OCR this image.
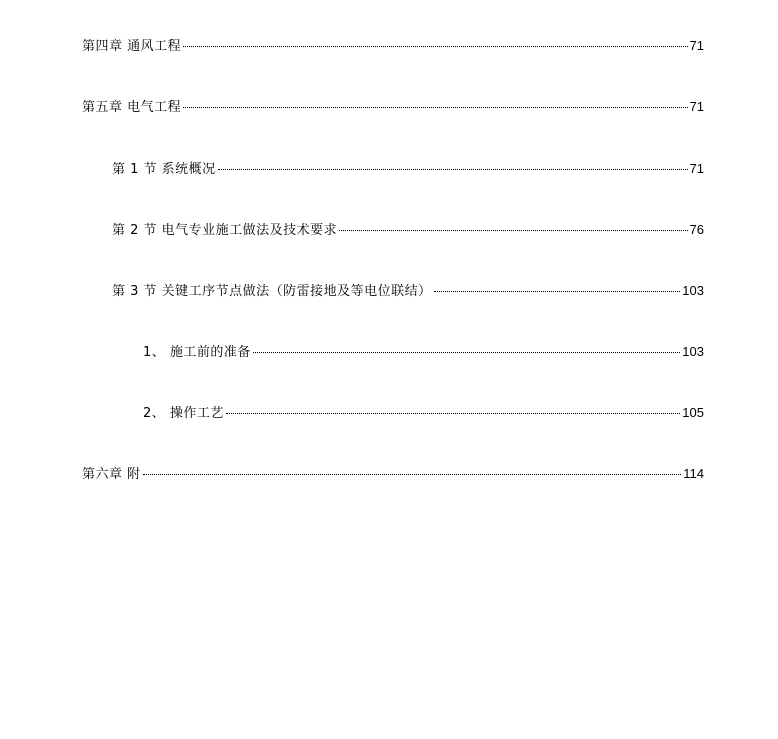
第四章 通风工程	71
第五章 电气工程	71
第 1 节 系统概况	71
第 2 节 电气专业施工做法及技术要求	76
第 3 节 关键工序节点做法（防雷接地及等电位联结）	103
1、 施工前的准备	103
2、 操作工艺	105
第六章 附	114
